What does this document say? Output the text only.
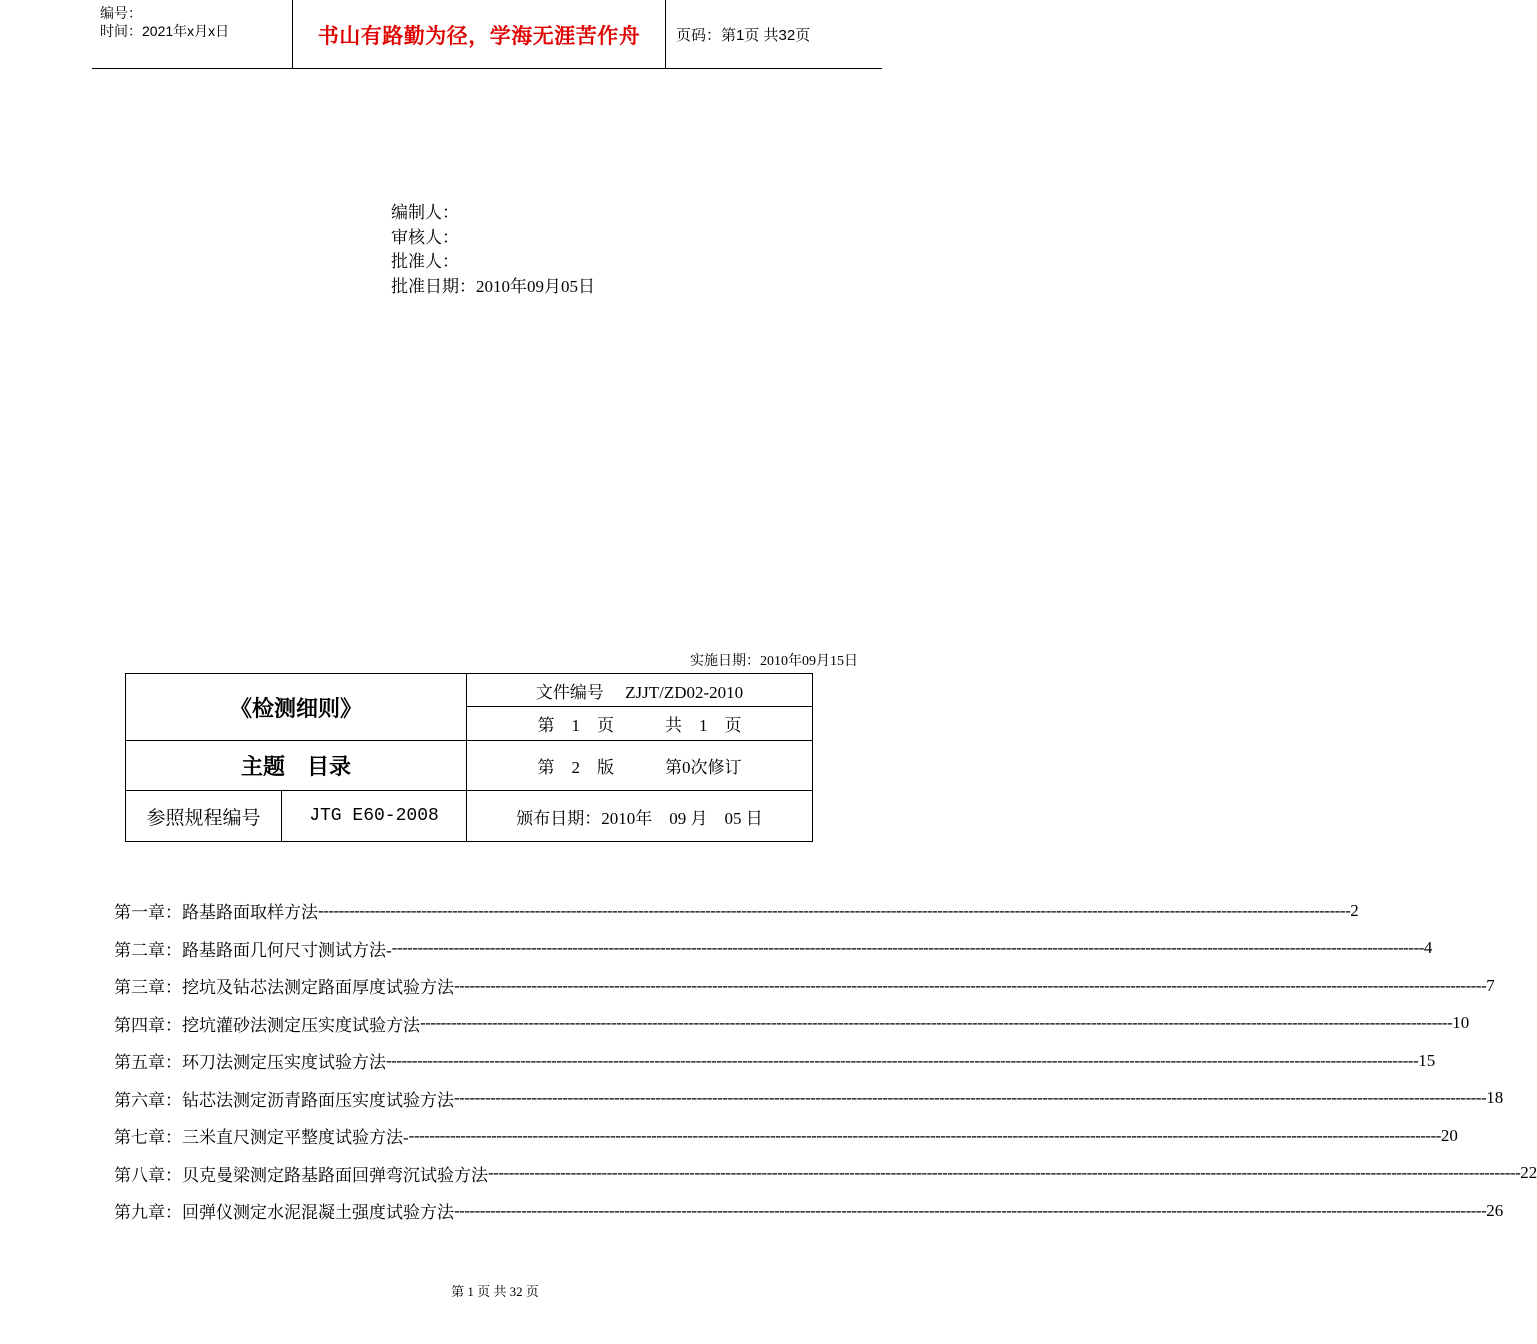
编号：
时间：2021年x月x日	书山有路勤为径，学海无涯苦作舟	页码：第1页 共32页
编制人：
审核人：
批准人：
批准日期：2010年09月05日
实施日期：2010年09月15日
《检测细则》		文件编号　 ZJJT/ZD02-2010
		第　1　页　　　共　1　页
主题　目录		第　2　版　　　第0次修订
参照规程编号	JTG E60-2008	颁布日期：2010年　09 月　05 日
第一章：路基路面取样方法 -------------------------------------------------------------------------------------------------------------------------------------------------------------------------------------------------------- 2
第二章：路基路面几何尺寸测试方法- -------------------------------------------------------------------------------------------------------------------------------------------------------------------------------------------------------- 4
第三章：挖坑及钻芯法测定路面厚度试验方法 -------------------------------------------------------------------------------------------------------------------------------------------------------------------------------------------------------- 7
第四章：挖坑灌砂法测定压实度试验方法 -------------------------------------------------------------------------------------------------------------------------------------------------------------------------------------------------------- 10
第五章：环刀法测定压实度试验方法 -------------------------------------------------------------------------------------------------------------------------------------------------------------------------------------------------------- 15
第六章：钻芯法测定沥青路面压实度试验方法 -------------------------------------------------------------------------------------------------------------------------------------------------------------------------------------------------------- 18
第七章：三米直尺测定平整度试验方法- -------------------------------------------------------------------------------------------------------------------------------------------------------------------------------------------------------- 20
第八章：贝克曼梁测定路基路面回弹弯沉试验方法 -------------------------------------------------------------------------------------------------------------------------------------------------------------------------------------------------------- 22
第九章：回弹仪测定水泥混凝土强度试验方法 -------------------------------------------------------------------------------------------------------------------------------------------------------------------------------------------------------- 26
第 1 页 共 32 页
